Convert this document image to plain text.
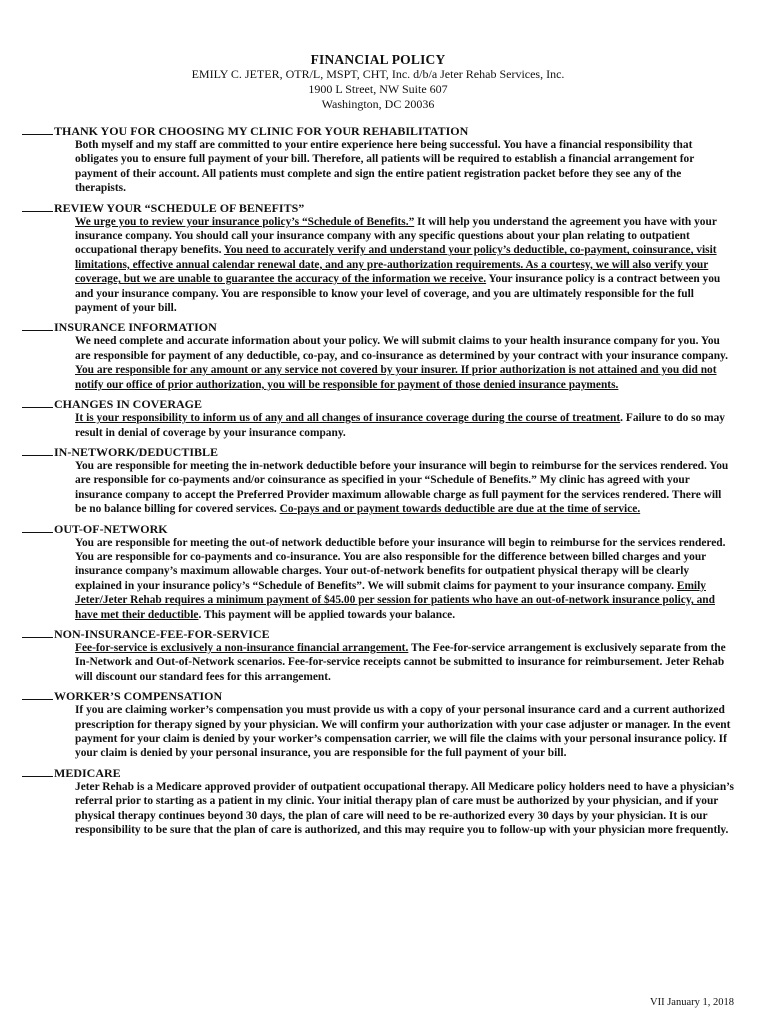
FINANCIAL POLICY
EMILY C. JETER, OTR/L, MSPT, CHT, Inc. d/b/a Jeter Rehab Services, Inc.
1900 L Street, NW Suite 607
Washington, DC 20036
THANK YOU FOR CHOOSING MY CLINIC FOR YOUR REHABILITATION
Both myself and my staff are committed to your entire experience here being successful. You have a financial responsibility that obligates you to ensure full payment of your bill. Therefore, all patients will be required to establish a financial arrangement for payment of their account. All patients must complete and sign the entire patient registration packet before they see any of the therapists.
REVIEW YOUR “SCHEDULE OF BENEFITS”
We urge you to review your insurance policy’s “Schedule of Benefits.” It will help you understand the agreement you have with your insurance company. You should call your insurance company with any specific questions about your plan relating to outpatient occupational therapy benefits. You need to accurately verify and understand your policy’s deductible, co-payment, coinsurance, visit limitations, effective annual calendar renewal date, and any pre-authorization requirements. As a courtesy, we will also verify your coverage, but we are unable to guarantee the accuracy of the information we receive. Your insurance policy is a contract between you and your insurance company. You are responsible to know your level of coverage, and you are ultimately responsible for the full payment of your bill.
INSURANCE INFORMATION
We need complete and accurate information about your policy. We will submit claims to your health insurance company for you. You are responsible for payment of any deductible, co-pay, and co-insurance as determined by your contract with your insurance company. You are responsible for any amount or any service not covered by your insurer. If prior authorization is not attained and you did not notify our office of prior authorization, you will be responsible for payment of those denied insurance payments.
CHANGES IN COVERAGE
It is your responsibility to inform us of any and all changes of insurance coverage during the course of treatment. Failure to do so may result in denial of coverage by your insurance company.
IN-NETWORK/DEDUCTIBLE
You are responsible for meeting the in-network deductible before your insurance will begin to reimburse for the services rendered. You are responsible for co-payments and/or coinsurance as specified in your “Schedule of Benefits.” My clinic has agreed with your insurance company to accept the Preferred Provider maximum allowable charge as full payment for the services rendered. There will be no balance billing for covered services. Co-pays and or payment towards deductible are due at the time of service.
OUT-OF-NETWORK
You are responsible for meeting the out-of network deductible before your insurance will begin to reimburse for the services rendered. You are responsible for co-payments and co-insurance. You are also responsible for the difference between billed charges and your insurance company’s maximum allowable charges. Your out-of-network benefits for outpatient physical therapy will be clearly explained in your insurance policy’s “Schedule of Benefits”. We will submit claims for payment to your insurance company. Emily Jeter/Jeter Rehab requires a minimum payment of $45.00 per session for patients who have an out-of-network insurance policy, and have met their deductible. This payment will be applied towards your balance.
NON-INSURANCE-FEE-FOR-SERVICE
Fee-for-service is exclusively a non-insurance financial arrangement. The Fee-for-service arrangement is exclusively separate from the In-Network and Out-of-Network scenarios. Fee-for-service receipts cannot be submitted to insurance for reimbursement. Jeter Rehab will discount our standard fees for this arrangement.
WORKER’S COMPENSATION
If you are claiming worker’s compensation you must provide us with a copy of your personal insurance card and a current authorized prescription for therapy signed by your physician. We will confirm your authorization with your case adjuster or manager. In the event payment for your claim is denied by your worker’s compensation carrier, we will file the claims with your personal insurance policy. If your claim is denied by your personal insurance, you are responsible for the full payment of your bill.
MEDICARE
Jeter Rehab is a Medicare approved provider of outpatient occupational therapy. All Medicare policy holders need to have a physician’s referral prior to starting as a patient in my clinic. Your initial therapy plan of care must be authorized by your physician, and if your physical therapy continues beyond 30 days, the plan of care will need to be re-authorized every 30 days by your physician. It is our responsibility to be sure that the plan of care is authorized, and this may require you to follow-up with your physician more frequently.
VII January 1, 2018
